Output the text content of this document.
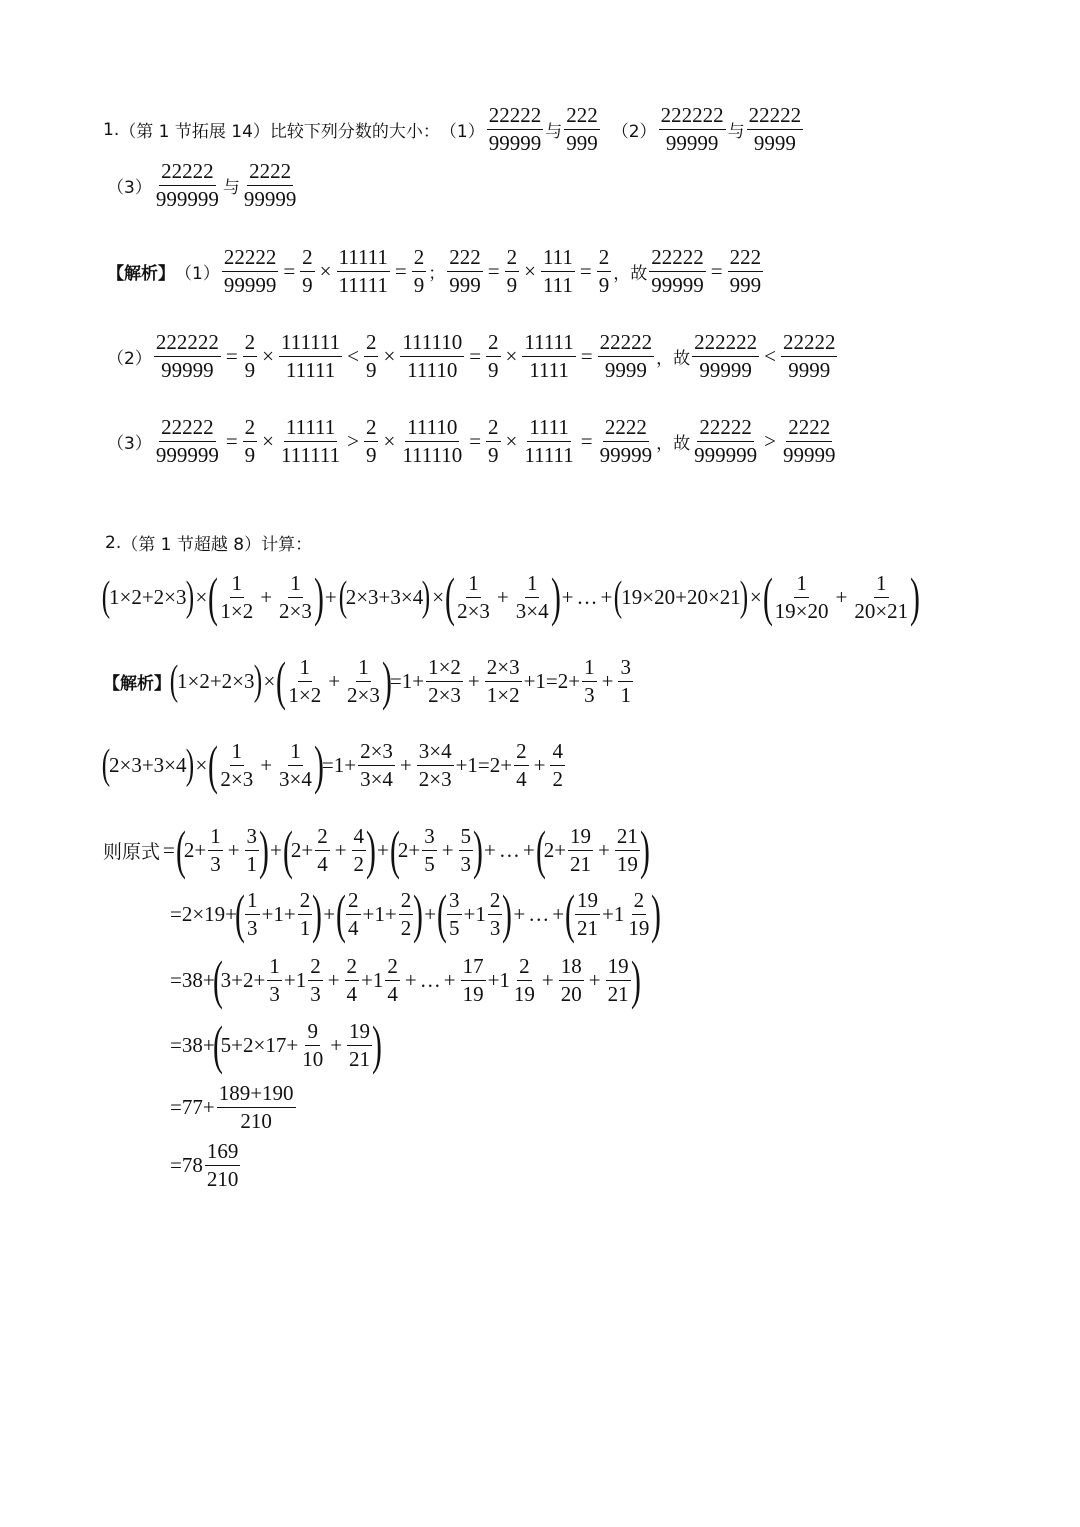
1. （第 1 节拓展 14） 比较下列分数的大小： $(1) \frac{22222}{99999}$ 与 $\frac{222}{999} (2) \frac{222222}{99999}$ 与 $\frac{22222}{9999}$
$(3) \frac{22222}{999999}$ 与 $\frac{2222}{99999}$
【解析】 $(1) \frac{22222}{99999} = \frac{2}{9} \times \frac{11111}{11111} = \frac{2}{9}$ ； $\frac{222}{999} = \frac{2}{9} \times \frac{111}{111} = \frac{2}{9}$ ，故 $\frac{22222}{99999} = \frac{222}{999}$
$(2) \frac{222222}{99999} = \frac{2}{9} \times \frac{111111}{11111} < \frac{2}{9} \times \frac{111110}{11110} = \frac{2}{9} \times \frac{11111}{1111} = \frac{22222}{9999}$ ，故 $\frac{222222}{99999} < \frac{22222}{9999}$
$(3) \frac{22222}{999999} = \frac{2}{9} \times \frac{11111}{111111} > \frac{2}{9} \times \frac{11110}{111110} = \frac{2}{9} \times \frac{1111}{11111} = \frac{2222}{99999}$ ，故 $\frac{22222}{999999} > \frac{2222}{99999}$
2. （第 1 节超越 8） 计算：
(
1×2+2×3
) × ( $\frac{1}{1\times 2} + \frac{1}{2\times 3}$ ) + (
2×3+3×4
) × ( $\frac{1}{2\times 3} + \frac{1}{3\times 4}$ ) + … + (
19×20+20×21
) × ( $\frac{1}{19\times 20} + \frac{1}{20\times 21}$ )
【解析】
(
1×2+2×3
) × ( $\frac{1}{1\times 2} + \frac{1}{2\times 3}$ )
$=1+ \frac{1\times 2}{2\times 3} + \frac{2\times 3}{1\times 2} +1=2+ \frac{1}{3} + \frac{3}{1}$
(
2×3+3×4
) × ( $\frac{1}{2\times 3} + \frac{1}{3\times 4}$ )
$=1+ \frac{2\times 3}{3\times 4} + \frac{3\times 4}{2\times 3} +1=2+ \frac{2}{4} + \frac{4}{2}$
则原式 = (
$2+ \frac{1}{3} + \frac{3}{1}$ ) + (
$2+ \frac{2}{4} + \frac{4}{2}$ ) + (
$2+ \frac{3}{5} + \frac{5}{3}$ ) + … + (
$2+ \frac{19}{21} + \frac{21}{19}$ )
=2×19+
( $\frac{1}{3} +1+ \frac{2}{1}$ ) + ( $\frac{2}{4} +1+ \frac{2}{2}$ ) + ( $\frac{3}{5} +1 \frac{2}{3}$ ) + … + ( $\frac{19}{21} +1 \frac{2}{19}$ )
=38+
(
$3+2+ \frac{1}{3} +1 \frac{2}{3} + \frac{2}{4} +1 \frac{2}{4}$ + … + $\frac{17}{19} +1 \frac{2}{19} + \frac{18}{20} + \frac{19}{21}$ )
=38+
(
$5+2\times 17+ \frac{9}{10} + \frac{19}{21}$ )
$=77+ \frac{189+190}{210}$
$=78 \frac{169}{210}$
